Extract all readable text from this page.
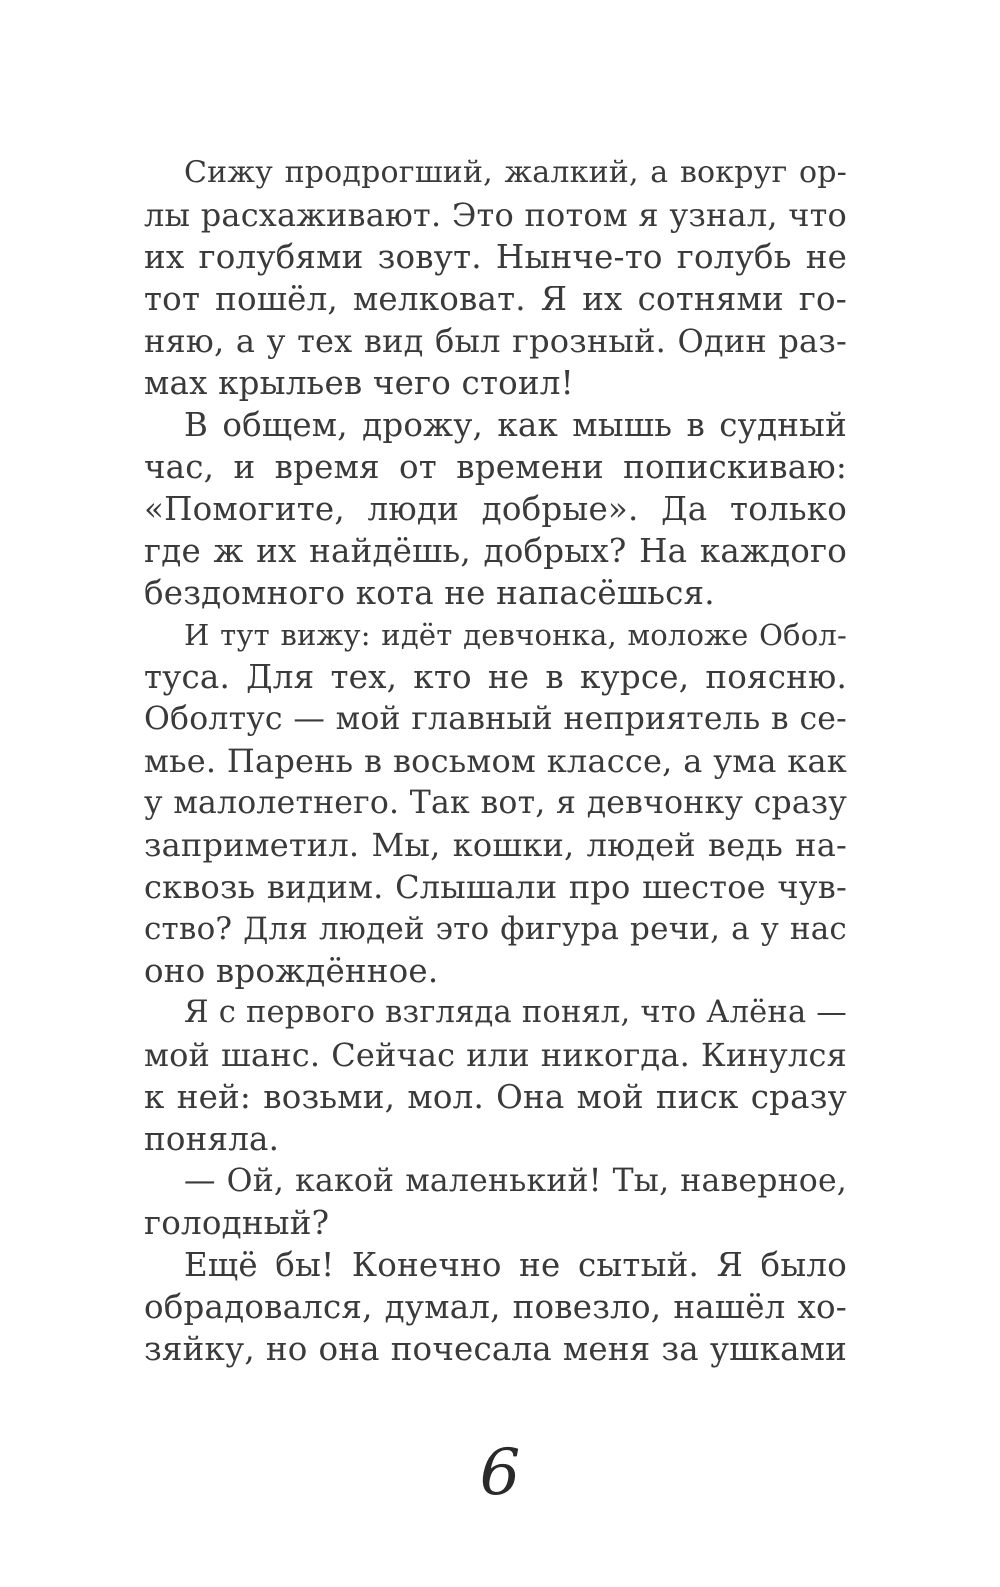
Сижу продрогший, жалкий, а вокруг ор-
лы расхаживают. Это потом я узнал, что
их голубями зовут. Нынче-то голубь не
тот пошёл, мелковат. Я их сотнями го-
няю, а у тех вид был грозный. Один раз-
мах крыльев чего стоил!
В общем, дрожу, как мышь в судный
час, и время от времени попискиваю:
«Помогите, люди добрые». Да только
где ж их найдёшь, добрых? На каждого
бездомного кота не напасёшься.
И тут вижу: идёт девчонка, моложе Обол-
туса. Для тех, кто не в курсе, поясню.
Оболтус — мой главный неприятель в се-
мье. Парень в восьмом классе, а ума как
у малолетнего. Так вот, я девчонку сразу
заприметил. Мы, кошки, людей ведь на-
сквозь видим. Слышали про шестое чув-
ство? Для людей это фигура речи, а у нас
оно врождённое.
Я с первого взгляда понял, что Алёна —
мой шанс. Сейчас или никогда. Кинулся
к ней: возьми, мол. Она мой писк сразу
поняла.
— Ой, какой маленький! Ты, наверное,
голодный?
Ещё бы! Конечно не сытый. Я было
обрадовался, думал, повезло, нашёл хо-
зяйку, но она почесала меня за ушками
6
